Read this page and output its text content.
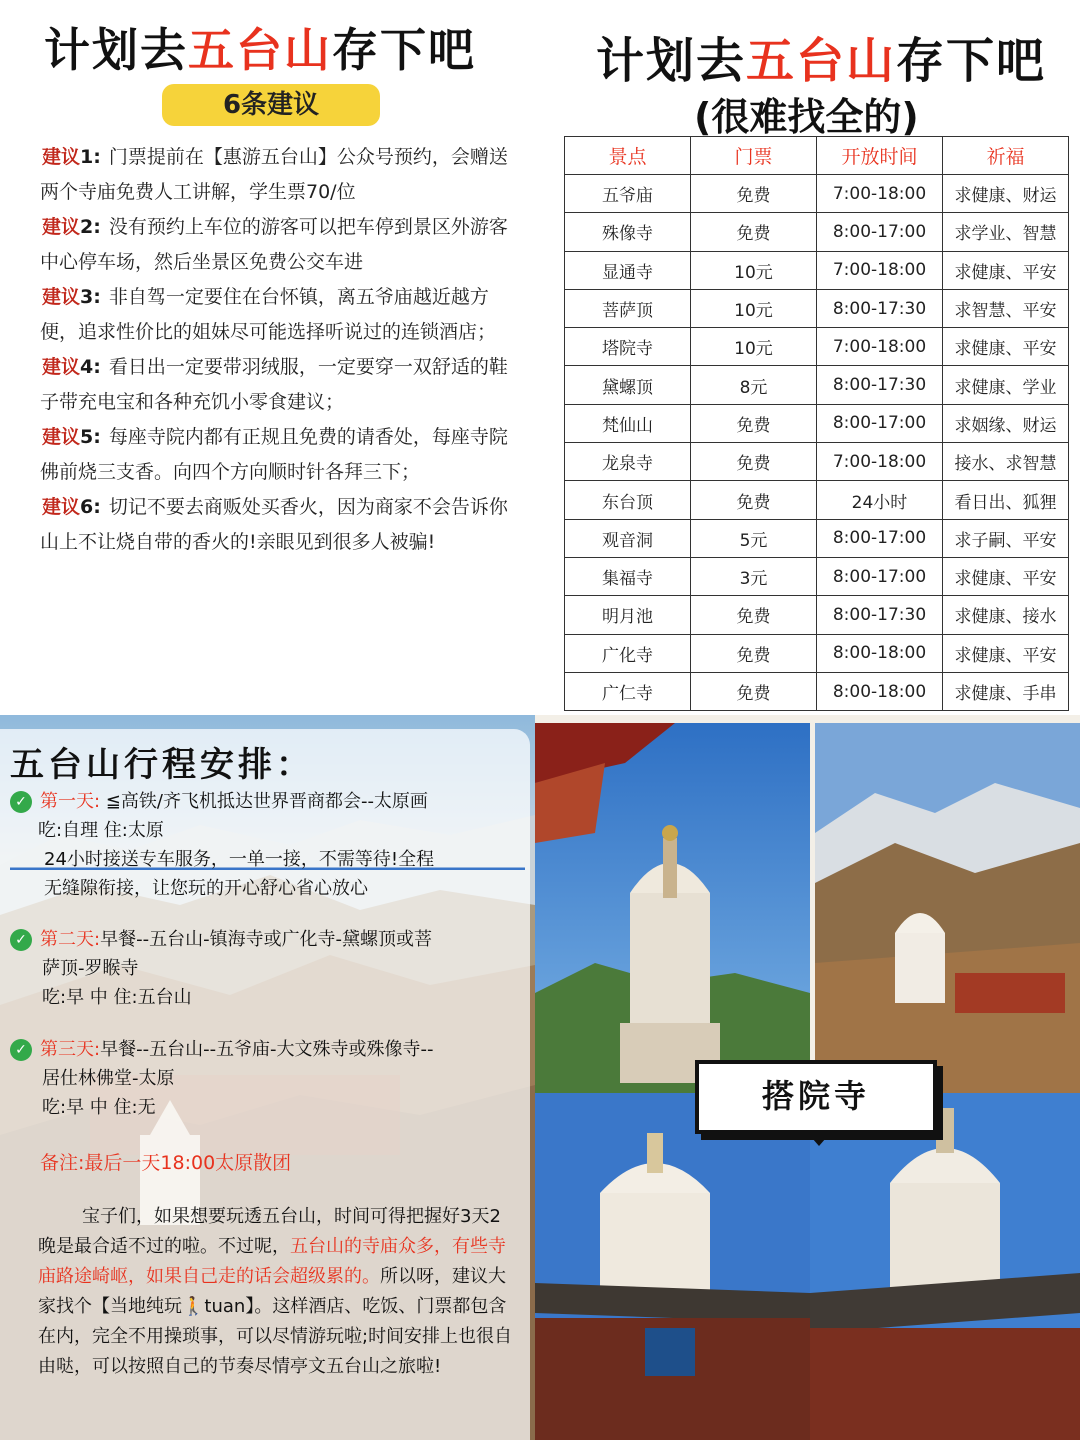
计划去五台山存下吧
6条建议

建议1: 门票提前在【惠游五台山】公众号预约，会赠送两个寺庙免费人工讲解，学生票70/位

建议2: 没有预约上车位的游客可以把车停到景区外游客中心停车场，然后坐景区免费公交车进

建议3: 非自驾一定要住在台怀镇，离五爷庙越近越方便，追求性价比的姐妹尽可能选择听说过的连锁酒店；

建议4: 看日出一定要带羽绒服，一定要穿一双舒适的鞋子带充电宝和各种充饥小零食建议；

建议5: 每座寺院内都有正规且免费的请香处，每座寺院佛前烧三支香。向四个方向顺时针各拜三下；

建议6: 切记不要去商贩处买香火，因为商家不会告诉你山上不让烧自带的香火的!亲眼见到很多人被骗!

计划去五台山存下吧
(很难找全的)
景点	门票	开放时间	祈福
五爷庙	免费	7:00-18:00	求健康、财运
殊像寺	免费	8:00-17:00	求学业、智慧
显通寺	10元	7:00-18:00	求健康、平安
菩萨顶	10元	8:00-17:30	求智慧、平安
塔院寺	10元	7:00-18:00	求健康、平安
黛螺顶	8元	8:00-17:30	求健康、学业
梵仙山	免费	8:00-17:00	求姻缘、财运
龙泉寺	免费	7:00-18:00	接水、求智慧
东台顶	免费	24小时	看日出、狐狸
观音洞	5元	8:00-17:00	求子嗣、平安
集福寺	3元	8:00-17:00	求健康、平安
明月池	免费	8:00-17:30	求健康、接水
广化寺	免费	8:00-18:00	求健康、平安
广仁寺	免费	8:00-18:00	求健康、手串
五台山行程安排：
✓ 第一天: ≦高铁/齐飞机抵达世界晋商都会--太原画
吃:自理 住:太原
24小时接送专车服务，一单一接，不需等待!全程
无缝隙衔接，让您玩的开心舒心省心放心
✓ 第二天:早餐--五台山-镇海寺或广化寺-黛螺顶或菩
萨顶-罗睺寺
吃:早 中 住:五台山
✓ 第三天:早餐--五台山--五爷庙-大文殊寺或殊像寺--
居仕林佛堂-太原
吃:早 中 住:无
备注:最后一天18:00太原散团

宝子们，如果想要玩透五台山，时间可得把握好3天2 晚是最合适不过的啦。不过呢，五台山的寺庙众多，有些寺庙路途崎岖，如果自己走的话会超级累的。所以呀，建议大家找个【当地纯玩🚶tuan】。这样酒店、吃饭、门票都包含在内，完全不用操琐事，可以尽情游玩啦;时间安排上也很自由哒，可以按照自己的节奏尽情亭文五台山之旅啦!

搭院寺
